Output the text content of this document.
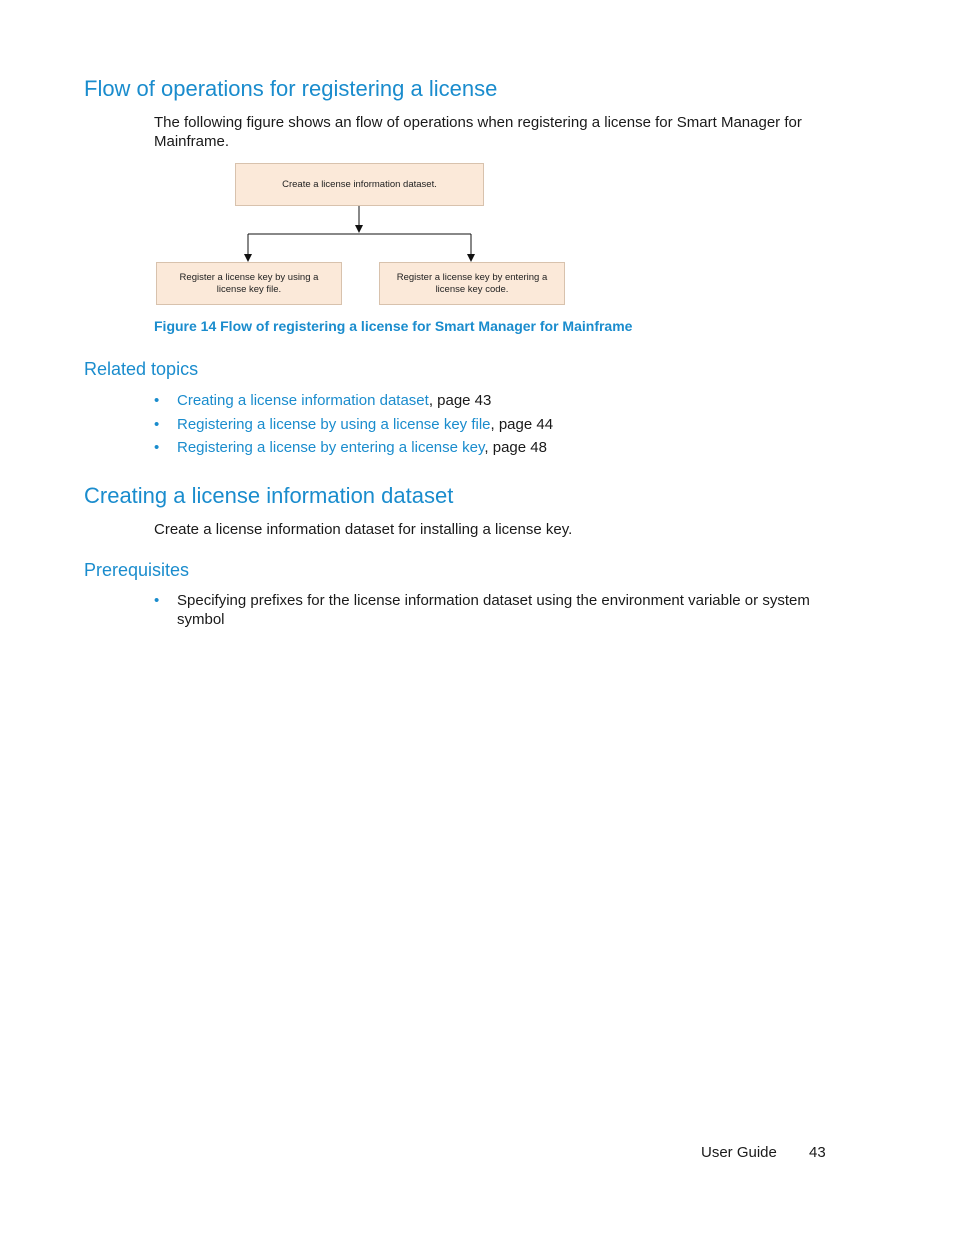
Flow of operations for registering a license

The following figure shows an flow of operations when registering a license for Smart Manager for Mainframe.

Create a license information dataset.
Register a license key by using a license key file.
Register a license key by entering a license key code.

Figure 14 Flow of registering a license for Smart Manager for Mainframe

Related topics
• Creating a license information dataset, page 43
• Registering a license by using a license key file, page 44
• Registering a license by entering a license key, page 48
Creating a license information dataset

Create a license information dataset for installing a license key.

Prerequisites
• Specifying prefixes for the license information dataset using the environment variable or system symbol
User Guide 43
